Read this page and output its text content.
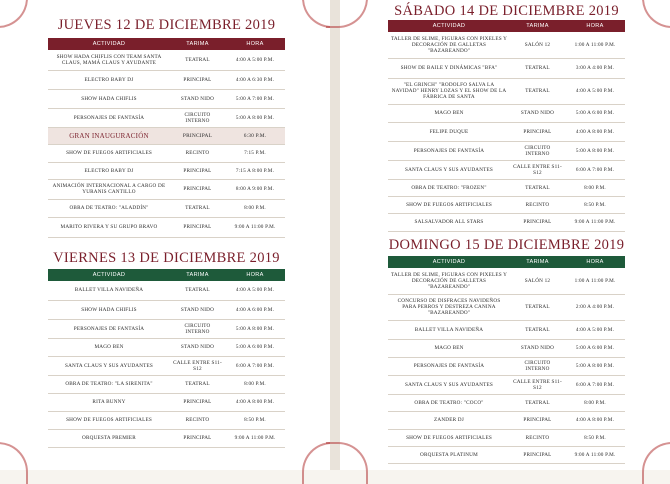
JUEVES 12 DE DICIEMBRE 2019
ACTIVIDAD	TARIMA	HORA
SHOW HADA CHIFLIS CON TEAM SANTA CLAUS, MAMÁ CLAUS Y AYUDANTE	TEATRAL	4:00 A 5:00 P.M.
ELECTRO BABY DJ	PRINCIPAL	4:00 A 6:30 P.M.
SHOW HADA CHIFLIS	STAND NIDO	5:00 A 7:00 P.M.
PERSONAJES DE FANTASÍA	CIRCUITO INTERNO	5:00 A 8:00 P.M.
GRAN INAUGURACIÓN	PRINCIPAL	6:30 P.M.
SHOW DE FUEGOS ARTIFICIALES	RECINTO	7:15 P.M.
ELECTRO BABY DJ	PRINCIPAL	7:15 A 8:00 P.M.
ANIMACIÓN INTERNACIONAL A CARGO DE YURANIS CANTILLO	PRINCIPAL	8:00 A 9:00 P.M.
OBRA DE TEATRO: "ALADDÍN"	TEATRAL	8:00 P.M.
MARITO RIVERA Y SU GRUPO BRAVO	PRINCIPAL	9:00 A 11:00 P.M.
VIERNES 13 DE DICIEMBRE 2019
ACTIVIDAD	TARIMA	HORA
BALLET VILLA NAVIDEÑA	TEATRAL	4:00 A 5:00 P.M.
SHOW HADA CHIFLIS	STAND NIDO	4:00 A 6:00 P.M.
PERSONAJES DE FANTASÍA	CIRCUITO INTERNO	5:00 A 8:00 P.M.
MAGO BEN	STAND NIDO	5:00 A 6:00 P.M.
SANTA CLAUS Y SUS AYUDANTES	CALLE ENTRE S11-S12	6:00 A 7:00 P.M.
OBRA DE TEATRO: "LA SIRENITA"	TEATRAL	8:00 P.M.
RITA BUNNY	PRINCIPAL	4:00 A 8:00 P.M.
SHOW DE FUEGOS ARTIFICIALES	RECINTO	8:50 P.M.
ORQUESTA PREMIER	PRINCIPAL	9:00 A 11:00 P.M.
SÁBADO 14 DE DICIEMBRE 2019
ACTIVIDAD	TARIMA	HORA
TALLER DE SLIME, FIGURAS CON PIXELES Y DECORACIÓN DE GALLETAS "BAZAREANDO"	SALÓN 12	1:00 A 11:00 P.M.
SHOW DE BAILE Y DINÁMICAS "BFA"	TEATRAL	3:00 A 4:00 P.M.
"EL GRINCH" "RODOLFO SALVA LA NAVIDAD" HENRY LOZAS Y EL SHOW DE LA FÁBRICA DE SANTA	TEATRAL	4:00 A 5:00 P.M.
MAGO BEN	STAND NIDO	5:00 A 6:00 P.M.
FELIPE DUQUE	PRINCIPAL	4:00 A 8:00 P.M.
PERSONAJES DE FANTASÍA	CIRCUITO INTERNO	5:00 A 8:00 P.M.
SANTA CLAUS Y SUS AYUDANTES	CALLE ENTRE S11-S12	6:00 A 7:00 P.M.
OBRA DE TEATRO: "FROZEN"	TEATRAL	8:00 P.M.
SHOW DE FUEGOS ARTIFICIALES	RECINTO	8:50 P.M.
SALSALVADOR ALL STARS	PRINCIPAL	9:00 A 11:00 P.M.
DOMINGO 15 DE DICIEMBRE 2019
ACTIVIDAD	TARIMA	HORA
TALLER DE SLIME, FIGURAS CON PIXELES Y DECORACIÓN DE GALLETAS "BAZAREANDO"	SALÓN 12	1:00 A 11:00 P.M.
CONCURSO DE DISFRACES NAVIDEÑOS PARA PERROS Y DESTREZA CANINA "BAZAREANDO"	TEATRAL	2:00 A 4:00 P.M.
BALLET VILLA NAVIDEÑA	TEATRAL	4:00 A 5:00 P.M.
MAGO BEN	STAND NIDO	5:00 A 6:00 P.M.
PERSONAJES DE FANTASÍA	CIRCUITO INTERNO	5:00 A 8:00 P.M.
SANTA CLAUS Y SUS AYUDANTES	CALLE ENTRE S11-S12	6:00 A 7:00 P.M.
OBRA DE TEATRO: "COCO"	TEATRAL	8:00 P.M.
ZANDER DJ	PRINCIPAL	4:00 A 8:00 P.M.
SHOW DE FUEGOS ARTIFICIALES	RECINTO	8:50 P.M.
ORQUESTA PLATINUM	PRINCIPAL	9:00 A 11:00 P.M.
